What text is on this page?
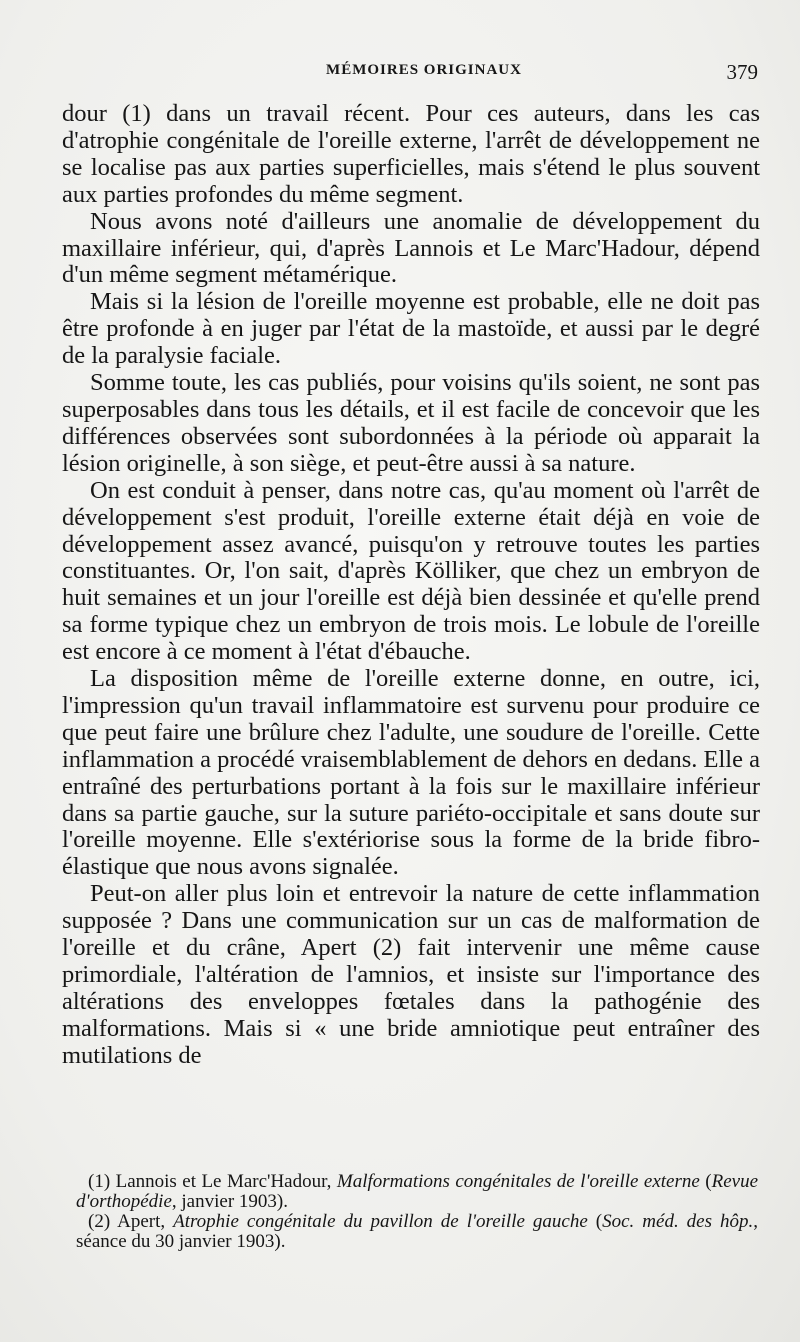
MÉMOIRES ORIGINAUX	379

dour (1) dans un travail récent. Pour ces auteurs, dans les cas d'atrophie congénitale de l'oreille externe, l'arrêt de développement ne se localise pas aux parties superficielles, mais s'étend le plus souvent aux parties profondes du même segment.

Nous avons noté d'ailleurs une anomalie de développement du maxillaire inférieur, qui, d'après Lannois et Le Marc'Hadour, dépend d'un même segment métamérique.

Mais si la lésion de l'oreille moyenne est probable, elle ne doit pas être profonde à en juger par l'état de la mastoïde, et aussi par le degré de la paralysie faciale.

Somme toute, les cas publiés, pour voisins qu'ils soient, ne sont pas superposables dans tous les détails, et il est facile de concevoir que les différences observées sont subordonnées à la période où apparait la lésion originelle, à son siège, et peut-être aussi à sa nature.

On est conduit à penser, dans notre cas, qu'au moment où l'arrêt de développement s'est produit, l'oreille externe était déjà en voie de développement assez avancé, puisqu'on y retrouve toutes les parties constituantes. Or, l'on sait, d'après Kölliker, que chez un embryon de huit semaines et un jour l'oreille est déjà bien dessinée et qu'elle prend sa forme typique chez un embryon de trois mois. Le lobule de l'oreille est encore à ce moment à l'état d'ébauche.

La disposition même de l'oreille externe donne, en outre, ici, l'impression qu'un travail inflammatoire est survenu pour produire ce que peut faire une brûlure chez l'adulte, une soudure de l'oreille. Cette inflammation a procédé vraisemblablement de dehors en dedans. Elle a entraîné des perturbations portant à la fois sur le maxillaire inférieur dans sa partie gauche, sur la suture pariéto-occipitale et sans doute sur l'oreille moyenne. Elle s'extériorise sous la forme de la bride fibro-élastique que nous avons signalée.

Peut-on aller plus loin et entrevoir la nature de cette inflammation supposée ? Dans une communication sur un cas de malformation de l'oreille et du crâne, Apert (2) fait intervenir une même cause primordiale, l'altération de l'amnios, et insiste sur l'importance des altérations des enveloppes fœtales dans la pathogénie des malformations. Mais si « une bride amniotique peut entraîner des mutilations de

(1) Lannois et Le Marc'Hadour, Malformations congénitales de l'oreille externe (Revue d'orthopédie, janvier 1903).

(2) Apert, Atrophie congénitale du pavillon de l'oreille gauche (Soc. méd. des hôp., séance du 30 janvier 1903).
